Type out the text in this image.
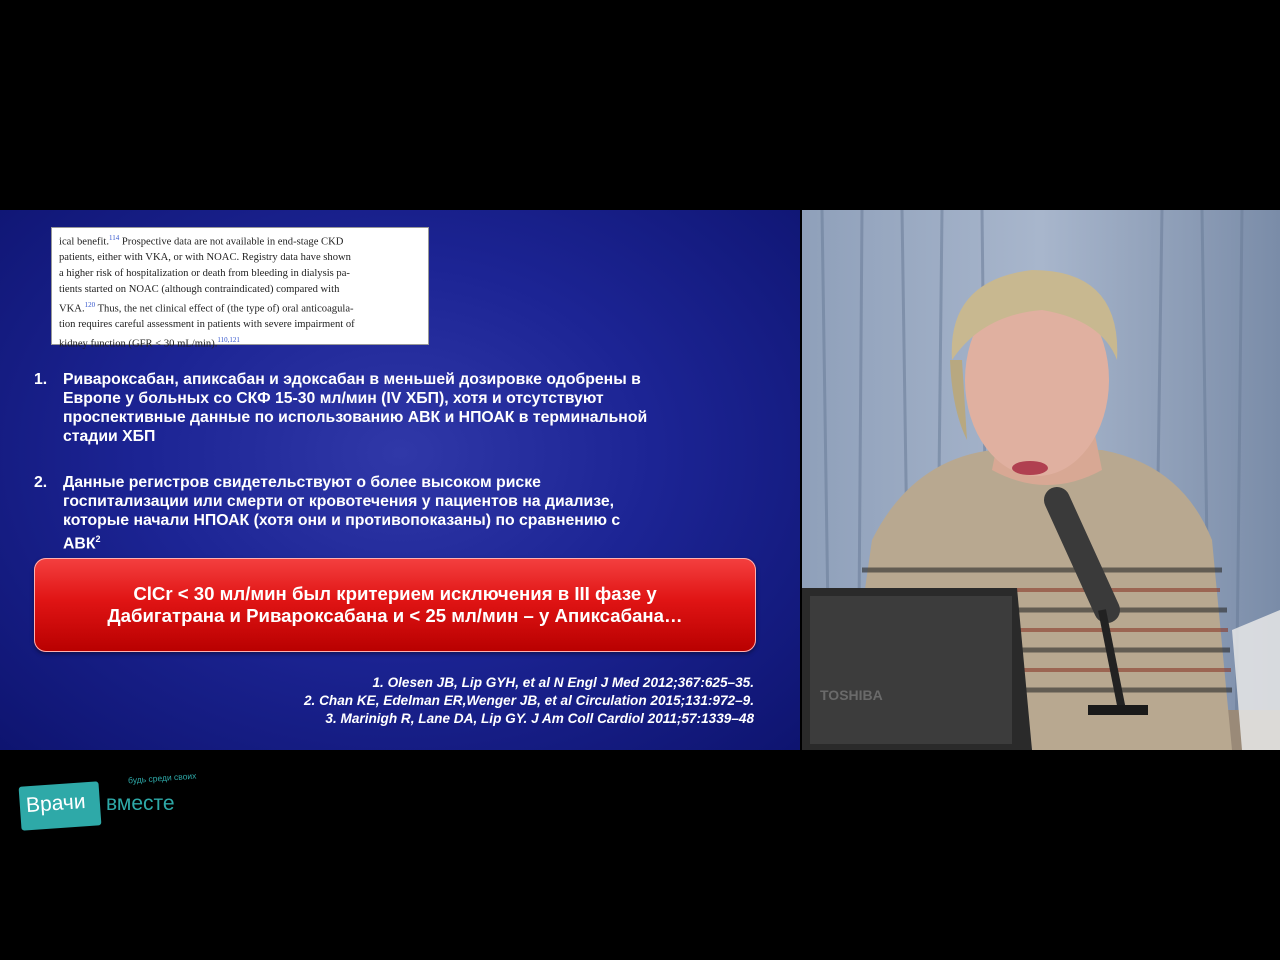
ical benefit.$^{114}$ Prospective data are not available in end-stage CKD
patients, either with VKA, or with NOAC. Registry data have shown
a higher risk of hospitalization or death from bleeding in dialysis pa-
tients started on NOAC (although contraindicated) compared with
VKA.$^{120}$ Thus, the net clinical effect of (the type of) oral anticoagula-
tion requires careful assessment in patients with severe impairment of
kidney function (GFR < 30 mL/min).$^{110,121}$
1. Ривароксабан, апиксабан и эдоксабан в меньшей дозировке одобрены в
Европе у больных со СКФ 15-30 мл/мин (IV ХБП), хотя и отсутствуют
проспективные данные по использованию АВК и НПОАК в терминальной
стадии ХБП
2. Данные регистров свидетельствуют о более высоком риске
госпитализации или смерти от кровотечения у пациентов на диализе,
которые начали НПОАК (хотя они и противопоказаны) по сравнению с
АВК$^2$
ClCr < 30 мл/мин был критерием исключения в III фазе у
Дабигатрана и Ривароксабана и < 25 мл/мин – у Апиксабана…
1. Olesen JB, Lip GYH, et al N Engl J Med 2012;367:625–35.
2. Chan KE, Edelman ER,Wenger JB, et al Circulation 2015;131:972–9.
3. Marinigh R, Lane DA, Lip GY. J Am Coll Cardiol 2011;57:1339–48
TOSHIBA
Врачи вместе
будь среди своих
